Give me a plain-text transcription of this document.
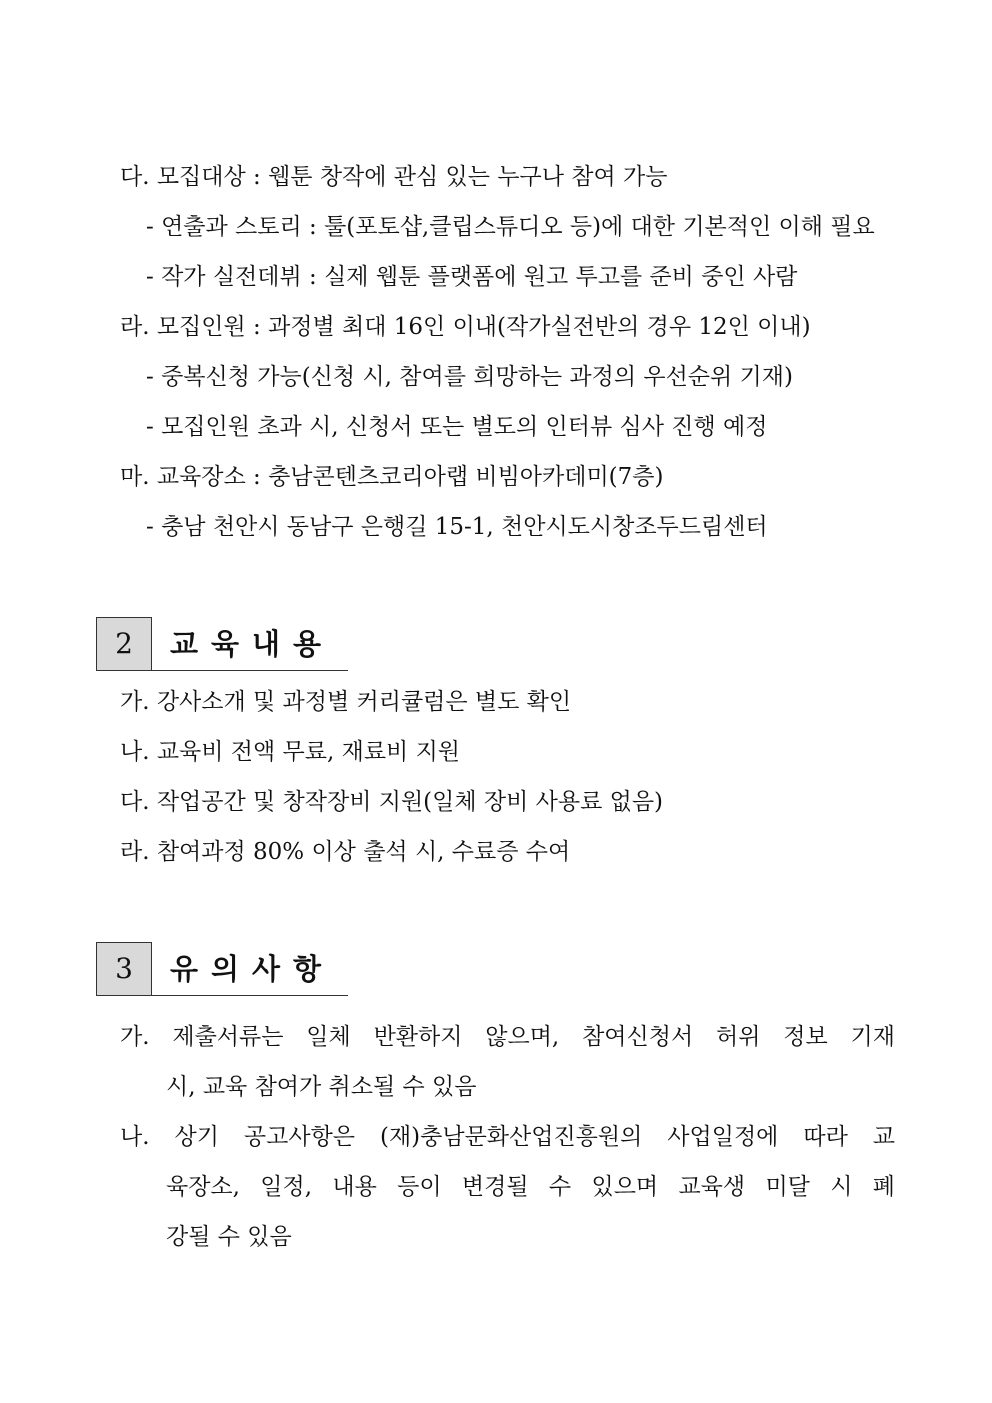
다. 모집대상 : 웹툰 창작에 관심 있는 누구나 참여 가능
- 연출과 스토리 : 툴(포토샵,클립스튜디오 등)에 대한 기본적인 이해 필요
- 작가 실전데뷔 : 실제 웹툰 플랫폼에 원고 투고를 준비 중인 사람
라. 모집인원 : 과정별 최대 16인 이내(작가실전반의 경우 12인 이내)
- 중복신청 가능(신청 시, 참여를 희망하는 과정의 우선순위 기재)
- 모집인원 초과 시, 신청서 또는 별도의 인터뷰 심사 진행 예정
마. 교육장소 : 충남콘텐츠코리아랩 비빔아카데미(7층)
- 충남 천안시 동남구 은행길 15-1, 천안시도시창조두드림센터
2	교육내용
가. 강사소개 및 과정별 커리큘럼은 별도 확인
나. 교육비 전액 무료, 재료비 지원
다. 작업공간 및 창작장비 지원(일체 장비 사용료 없음)
라. 참여과정 80% 이상 출석 시, 수료증 수여
3	유의사항
가. 제출서류는 일체 반환하지 않으며, 참여신청서 허위 정보 기재
시, 교육 참여가 취소될 수 있음
나. 상기 공고사항은 (재)충남문화산업진흥원의 사업일정에 따라 교
육장소, 일정, 내용 등이 변경될 수 있으며 교육생 미달 시 폐
강될 수 있음
